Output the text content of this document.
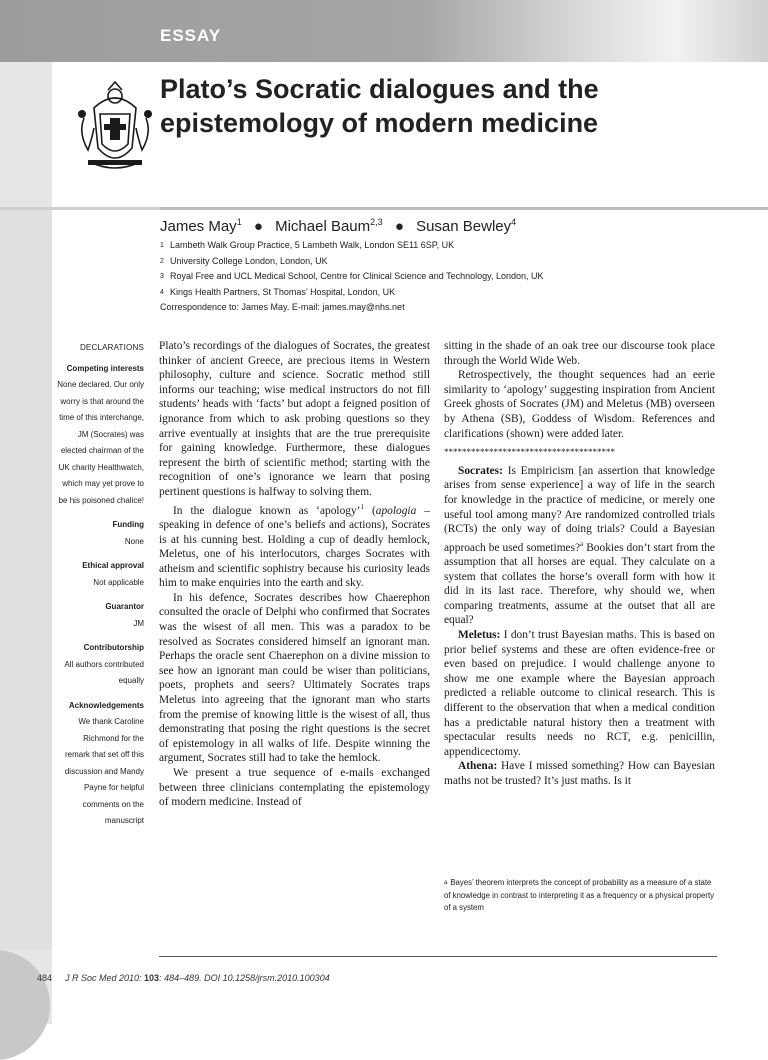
ESSAY
Plato’s Socratic dialogues and the epistemology of modern medicine
James May$^1$ ● Michael Baum$^{2,3}$ ● Susan Bewley$^4$
1 Lambeth Walk Group Practice, 5 Lambeth Walk, London SE11 6SP, UK
2 University College London, London, UK
3 Royal Free and UCL Medical School, Centre for Clinical Science and Technology, London, UK
4 Kings Health Partners, St Thomas’ Hospital, London, UK
Correspondence to: James May. E-mail: james.may@nhs.net
DECLARATIONS
Competing interests
None declared. Our only worry is that around the time of this interchange, JM (Socrates) was elected chairman of the UK charity Healthwatch, which may yet prove to be his poisoned chalice!
Funding
None
Ethical approval
Not applicable
Guarantor
JM
Contributorship
All authors contributed equally
Acknowledgements
We thank Caroline Richmond for the remark that set off this discussion and Mandy Payne for helpful comments on the manuscript

Plato’s recordings of the dialogues of Socrates, the greatest thinker of ancient Greece, are precious items in Western philosophy, culture and science. Socratic method still informs our teaching; wise medical instructors do not fill students’ heads with ‘facts’ but adopt a feigned position of ignorance from which to ask probing questions so they arrive eventually at insights that are the true prerequisite for gaining knowledge. Furthermore, these dialogues represent the birth of scientific method; starting with the recognition of one’s ignorance we learn that posing pertinent questions is halfway to solving them.

In the dialogue known as ‘apology’$^1$ (apologia – speaking in defence of one’s beliefs and actions), Socrates is at his cunning best. Holding a cup of deadly hemlock, Meletus, one of his interlocutors, charges Socrates with atheism and scientific sophistry because his curiosity leads him to make enquiries into the earth and sky.

In his defence, Socrates describes how Chaerephon consulted the oracle of Delphi who confirmed that Socrates was the wisest of all men. This was a paradox to be resolved as Socrates considered himself an ignorant man. Perhaps the oracle sent Chaerephon on a divine mission to see how an ignorant man could be wiser than politicians, poets, prophets and seers? Ultimately Socrates traps Meletus into agreeing that the ignorant man who starts from the premise of knowing little is the wisest of all, thus demonstrating that posing the right questions is the secret of epistemology in all walks of life. Despite winning the argument, Socrates still had to take the hemlock.

We present a true sequence of e-mails exchanged between three clinicians contemplating the epistemology of modern medicine. Instead of

sitting in the shade of an oak tree our discourse took place through the World Wide Web.

Retrospectively, the thought sequences had an eerie similarity to ‘apology’ suggesting inspiration from Ancient Greek ghosts of Socrates (JM) and Meletus (MB) overseen by Athena (SB), Goddess of Wisdom. References and clarifications (shown) were added later.

**************************************

Socrates: Is Empiricism [an assertion that knowledge arises from sense experience] a way of life in the search for knowledge in the practice of medicine, or merely one useful tool among many? Are randomized controlled trials (RCTs) the only way of doing trials? Could a Bayesian approach be used sometimes?$^a$ Bookies don’t start from the assumption that all horses are equal. They calculate on a system that collates the horse’s overall form with how it did in its last race. Therefore, why should we, when comparing treatments, assume at the outset that all are equal?

Meletus: I don’t trust Bayesian maths. This is based on prior belief systems and these are often evidence-free or even based on prejudice. I would challenge anyone to show me one example where the Bayesian approach predicted a reliable outcome to clinical research. This is different to the observation that when a medical condition has a predictable natural history then a treatment with spectacular results needs no RCT, e.g. penicillin, appendicectomy.

Athena: Have I missed something? How can Bayesian maths not be trusted? It’s just maths. Is it

$^a$ Bayes’ theorem interprets the concept of probability as a measure of a state of knowledge in contrast to interpreting it as a frequency or a physical property of a system
484 J R Soc Med 2010: 103: 484–489. DOI 10.1258/jrsm.2010.100304
